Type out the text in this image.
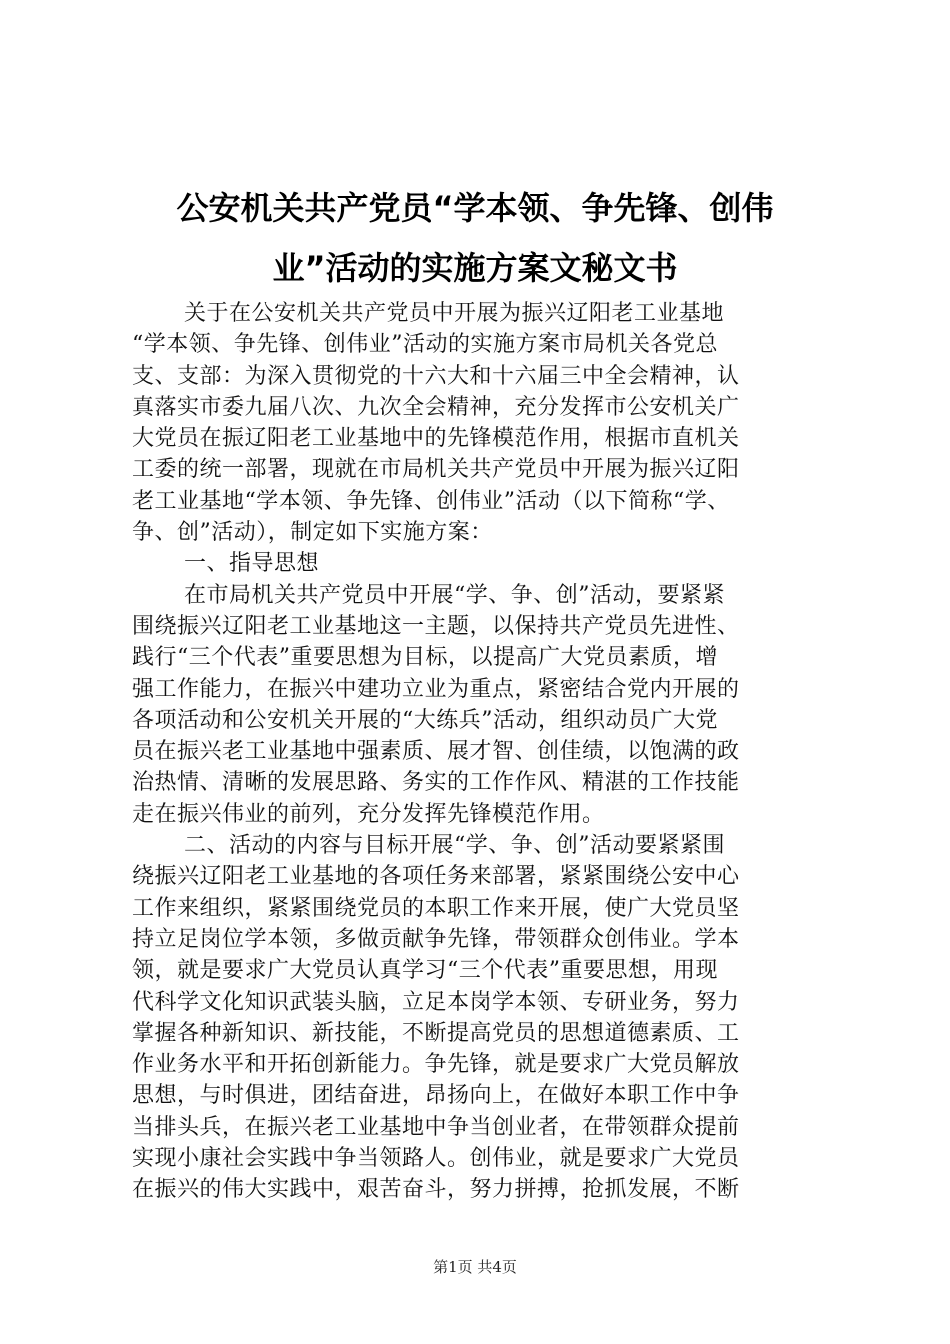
公安机关共产党员“学本领、争先锋、创伟
业”活动的实施方案文秘文书
关于在公安机关共产党员中开展为振兴辽阳老工业基地
“学本领、争先锋、创伟业”活动的实施方案市局机关各党总
支、支部：为深入贯彻党的十六大和十六届三中全会精神，认
真落实市委九届八次、九次全会精神，充分发挥市公安机关广
大党员在振辽阳老工业基地中的先锋模范作用，根据市直机关
工委的统一部署，现就在市局机关共产党员中开展为振兴辽阳
老工业基地“学本领、争先锋、创伟业”活动（以下简称“学、
争、创”活动），制定如下实施方案：
一、指导思想
在市局机关共产党员中开展“学、争、创”活动，要紧紧
围绕振兴辽阳老工业基地这一主题，以保持共产党员先进性、
践行“三个代表”重要思想为目标，以提高广大党员素质，增
强工作能力，在振兴中建功立业为重点，紧密结合党内开展的
各项活动和公安机关开展的“大练兵”活动，组织动员广大党
员在振兴老工业基地中强素质、展才智、创佳绩，以饱满的政
治热情、清晰的发展思路、务实的工作作风、精湛的工作技能
走在振兴伟业的前列，充分发挥先锋模范作用。
二、活动的内容与目标开展“学、争、创”活动要紧紧围
绕振兴辽阳老工业基地的各项任务来部署，紧紧围绕公安中心
工作来组织，紧紧围绕党员的本职工作来开展，使广大党员坚
持立足岗位学本领，多做贡献争先锋，带领群众创伟业。学本
领，就是要求广大党员认真学习“三个代表”重要思想，用现
代科学文化知识武装头脑，立足本岗学本领、专研业务，努力
掌握各种新知识、新技能，不断提高党员的思想道德素质、工
作业务水平和开拓创新能力。争先锋，就是要求广大党员解放
思想，与时俱进，团结奋进，昂扬向上，在做好本职工作中争
当排头兵，在振兴老工业基地中争当创业者，在带领群众提前
实现小康社会实践中争当领路人。创伟业，就是要求广大党员
在振兴的伟大实践中，艰苦奋斗，努力拼搏，抢抓发展，不断
第1页 共4页
